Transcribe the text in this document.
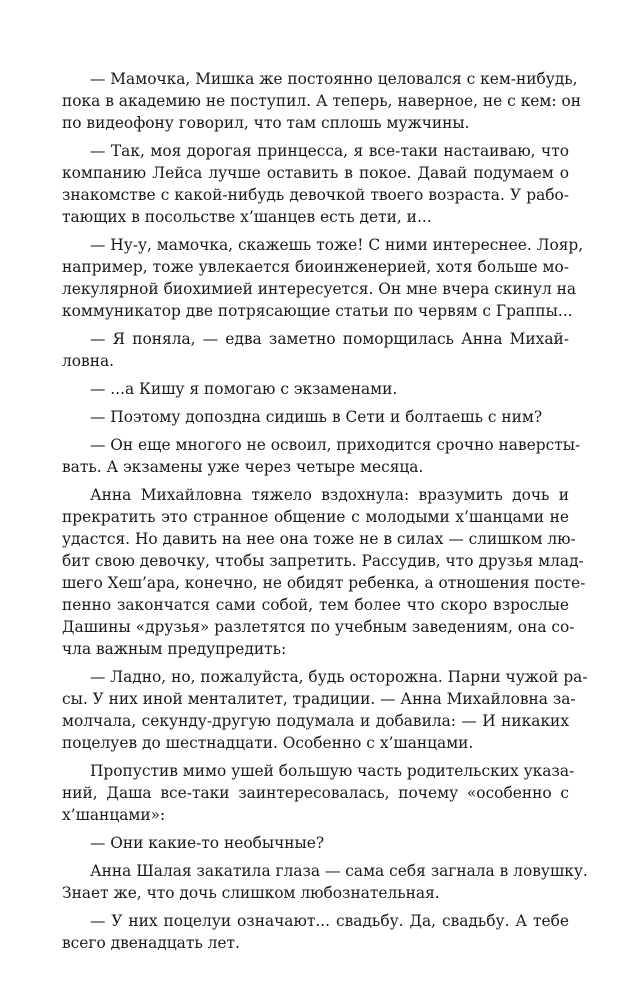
— Мамочка, Мишка же постоянно целовался с кем-нибудь,
пока в академию не поступил. А теперь, наверное, не с кем: он
по видеофону говорил, что там сплошь мужчины.
— Так, моя дорогая принцесса, я все-таки настаиваю, что
компанию Лейса лучше оставить в покое. Давай подумаем о
знакомстве с какой-нибудь девочкой твоего возраста. У рабо-
тающих в посольстве х’шанцев есть дети, и...
— Ну-у, мамочка, скажешь тоже! С ними интереснее. Лояр,
например, тоже увлекается биоинженерией, хотя больше мо-
лекулярной биохимией интересуется. Он мне вчера скинул на
коммуникатор две потрясающие статьи по червям с Граппы...
— Я поняла, — едва заметно поморщилась Анна Михай-
ловна.
— ...а Кишу я помогаю с экзаменами.
— Поэтому допоздна сидишь в Сети и болтаешь с ним?
— Он еще многого не освоил, приходится срочно наверсты-
вать. А экзамены уже через четыре месяца.
Анна Михайловна тяжело вздохнула: вразумить дочь и
прекратить это странное общение с молодыми х’шанцами не
удастся. Но давить на нее она тоже не в силах — слишком лю-
бит свою девочку, чтобы запретить. Рассудив, что друзья млад-
шего Хеш’ара, конечно, не обидят ребенка, а отношения посте-
пенно закончатся сами собой, тем более что скоро взрослые
Дашины «друзья» разлетятся по учебным заведениям, она со-
чла важным предупредить:
— Ладно, но, пожалуйста, будь осторожна. Парни чужой ра-
сы. У них иной менталитет, традиции. — Анна Михайловна за-
молчала, секунду-другую подумала и добавила: — И никаких
поцелуев до шестнадцати. Особенно с х’шанцами.
Пропустив мимо ушей большую часть родительских указа-
ний, Даша все-таки заинтересовалась, почему «особенно с
х’шанцами»:
— Они какие-то необычные?
Анна Шалая закатила глаза — сама себя загнала в ловушку.
Знает же, что дочь слишком любознательная.
— У них поцелуи означают... свадьбу. Да, свадьбу. А тебе
всего двенадцать лет.
